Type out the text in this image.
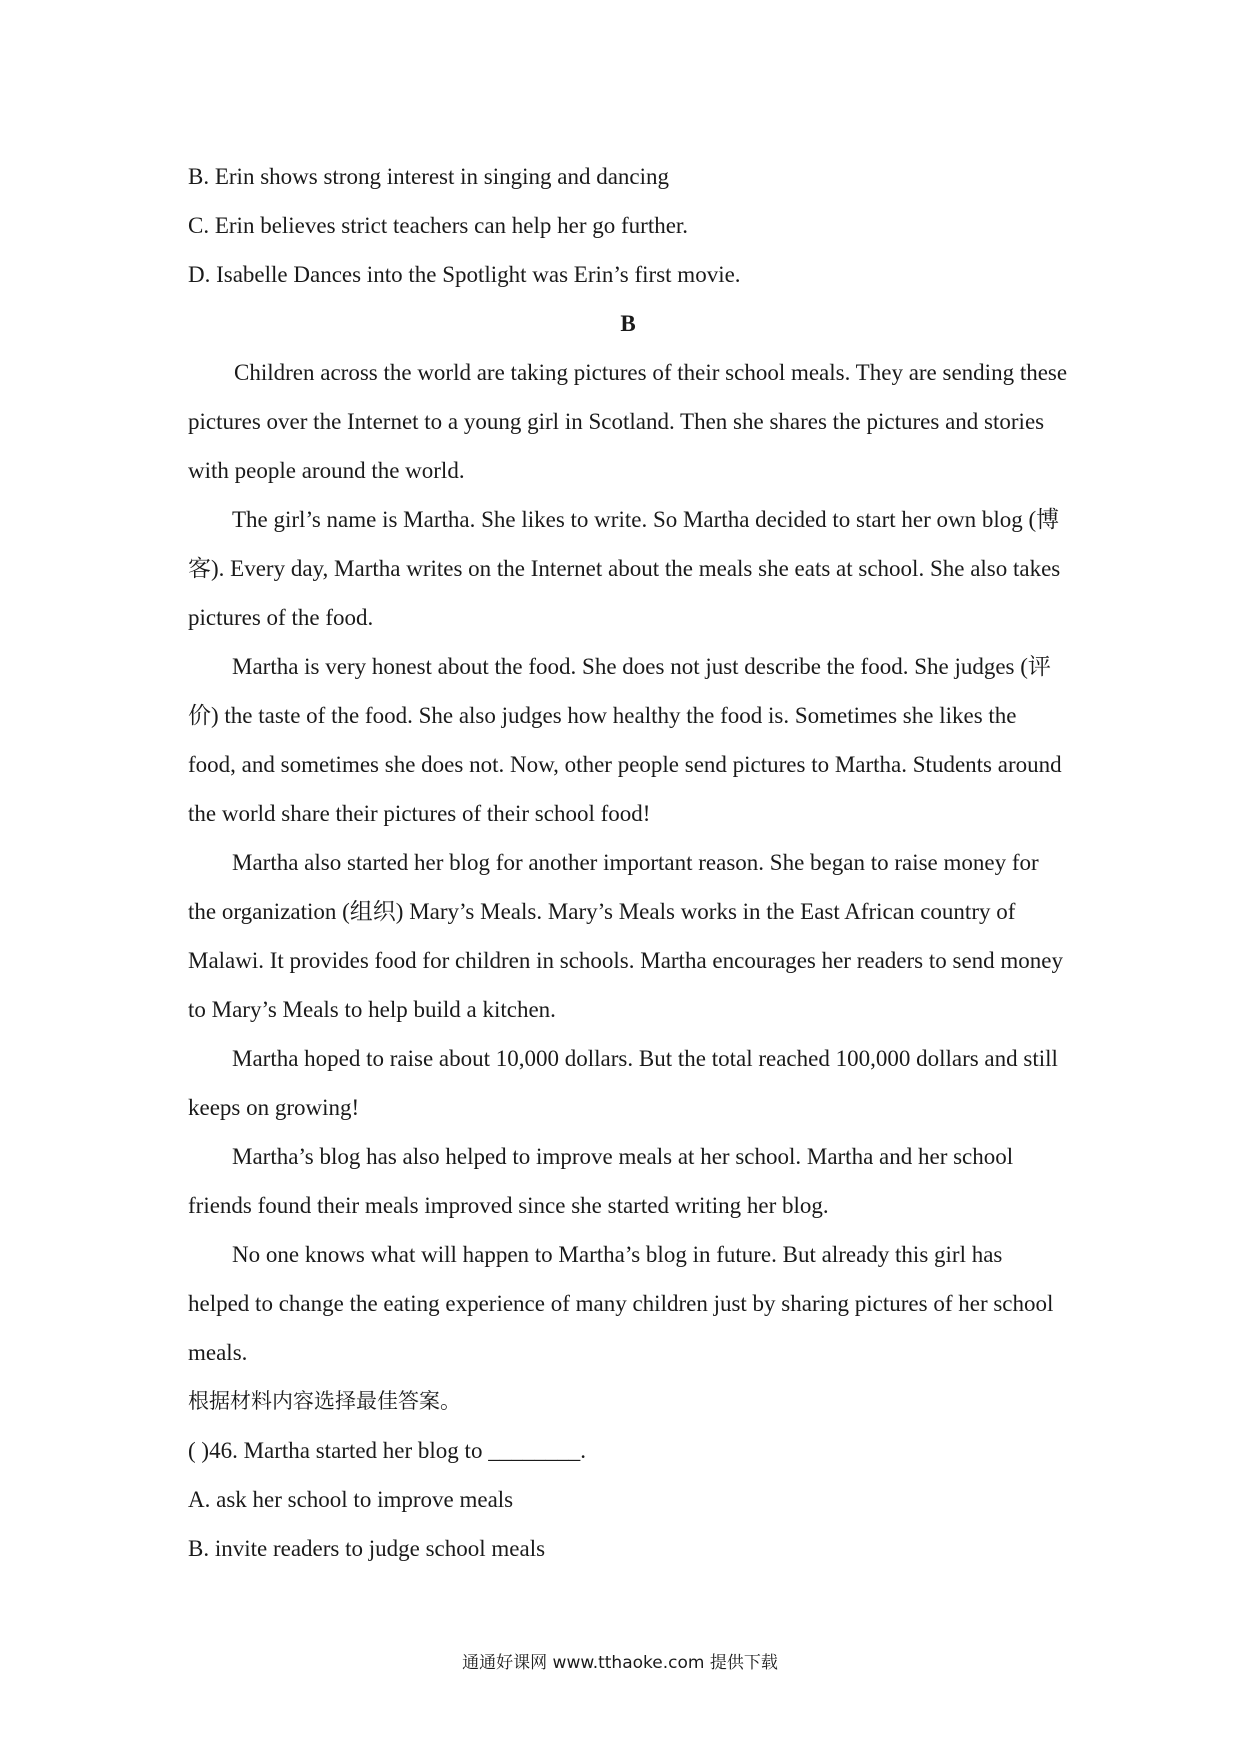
B. Erin shows strong interest in singing and dancing

C. Erin believes strict teachers can help her go further.

D. Isabelle Dances into the Spotlight was Erin’s first movie.

B

Children across the world are taking pictures of their school meals. They are sending these pictures over the Internet to a young girl in Scotland. Then she shares the pictures and stories with people around the world.

The girl’s name is Martha. She likes to write. So Martha decided to start her own blog (博客). Every day, Martha writes on the Internet about the meals she eats at school. She also takes pictures of the food.

Martha is very honest about the food. She does not just describe the food. She judges (评价) the taste of the food. She also judges how healthy the food is. Sometimes she likes the food, and sometimes she does not. Now, other people send pictures to Martha. Students around the world share their pictures of their school food!

Martha also started her blog for another important reason. She began to raise money for the organization (组织) Mary’s Meals. Mary’s Meals works in the East African country of Malawi. It provides food for children in schools. Martha encourages her readers to send money to Mary’s Meals to help build a kitchen.

Martha hoped to raise about 10,000 dollars. But the total reached 100,000 dollars and still keeps on growing!

Martha’s blog has also helped to improve meals at her school. Martha and her school friends found their meals improved since she started writing her blog.

No one knows what will happen to Martha’s blog in future. But already this girl has helped to change the eating experience of many children just by sharing pictures of her school meals.

根据材料内容选择最佳答案。

( )46. Martha started her blog to ________.

A. ask her school to improve meals

B. invite readers to judge school meals

通通好课网 www.tthaoke.com 提供下载
